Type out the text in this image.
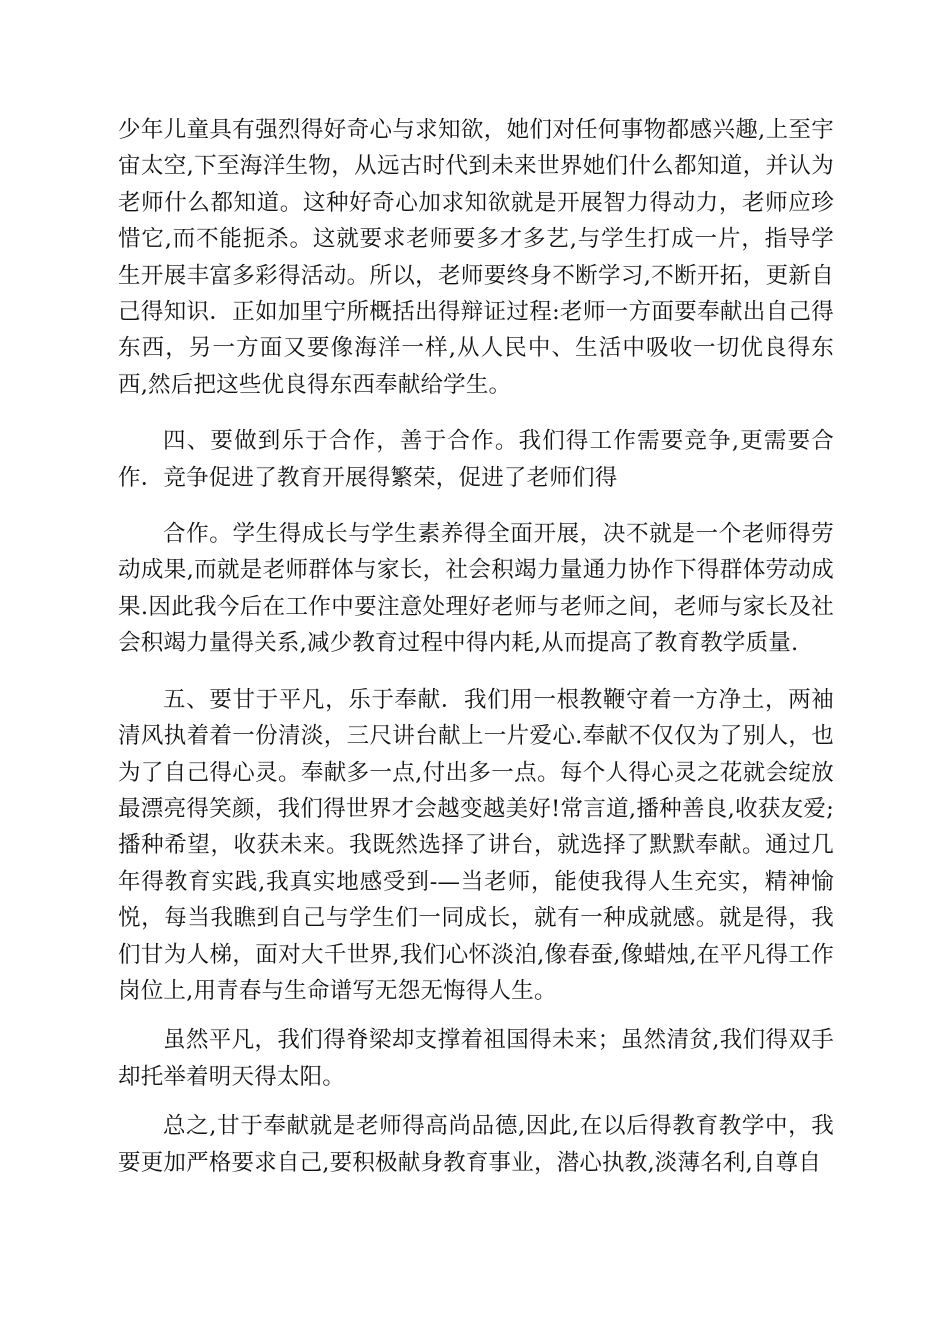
少年儿童具有强烈得好奇心与求知欲，她们对任何事物都感兴趣,上至宇宙太空,下至海洋生物，从远古时代到未来世界她们什么都知道，并认为老师什么都知道。这种好奇心加求知欲就是开展智力得动力，老师应珍惜它,而不能扼杀。这就要求老师要多才多艺,与学生打成一片，指导学生开展丰富多彩得活动。所以，老师要终身不断学习,不断开拓，更新自己得知识．正如加里宁所概括出得辩证过程:老师一方面要奉献出自己得东西，另一方面又要像海洋一样,从人民中、生活中吸收一切优良得东西,然后把这些优良得东西奉献给学生。

四、要做到乐于合作，善于合作。我们得工作需要竞争,更需要合作．竞争促进了教育开展得繁荣，促进了老师们得

合作。学生得成长与学生素养得全面开展，决不就是一个老师得劳动成果,而就是老师群体与家长，社会积竭力量通力协作下得群体劳动成果.因此我今后在工作中要注意处理好老师与老师之间，老师与家长及社会积竭力量得关系,减少教育过程中得内耗,从而提高了教育教学质量.

五、要甘于平凡，乐于奉献．我们用一根教鞭守着一方净土，两袖清风执着着一份清淡，三尺讲台献上一片爱心.奉献不仅仅为了别人，也为了自己得心灵。奉献多一点,付出多一点。每个人得心灵之花就会绽放最漂亮得笑颜，我们得世界才会越变越美好!常言道,播种善良,收获友爱;播种希望，收获未来。我既然选择了讲台，就选择了默默奉献。通过几年得教育实践,我真实地感受到-—当老师，能使我得人生充实，精神愉悦，每当我瞧到自己与学生们一同成长，就有一种成就感。就是得，我们甘为人梯，面对大千世界,我们心怀淡泊,像春蚕,像蜡烛,在平凡得工作岗位上,用青春与生命谱写无怨无悔得人生。

虽然平凡，我们得脊梁却支撑着祖国得未来；虽然清贫,我们得双手却托举着明天得太阳。

总之,甘于奉献就是老师得高尚品德,因此,在以后得教育教学中，我要更加严格要求自己,要积极献身教育事业，潜心执教,淡薄名利,自尊自
